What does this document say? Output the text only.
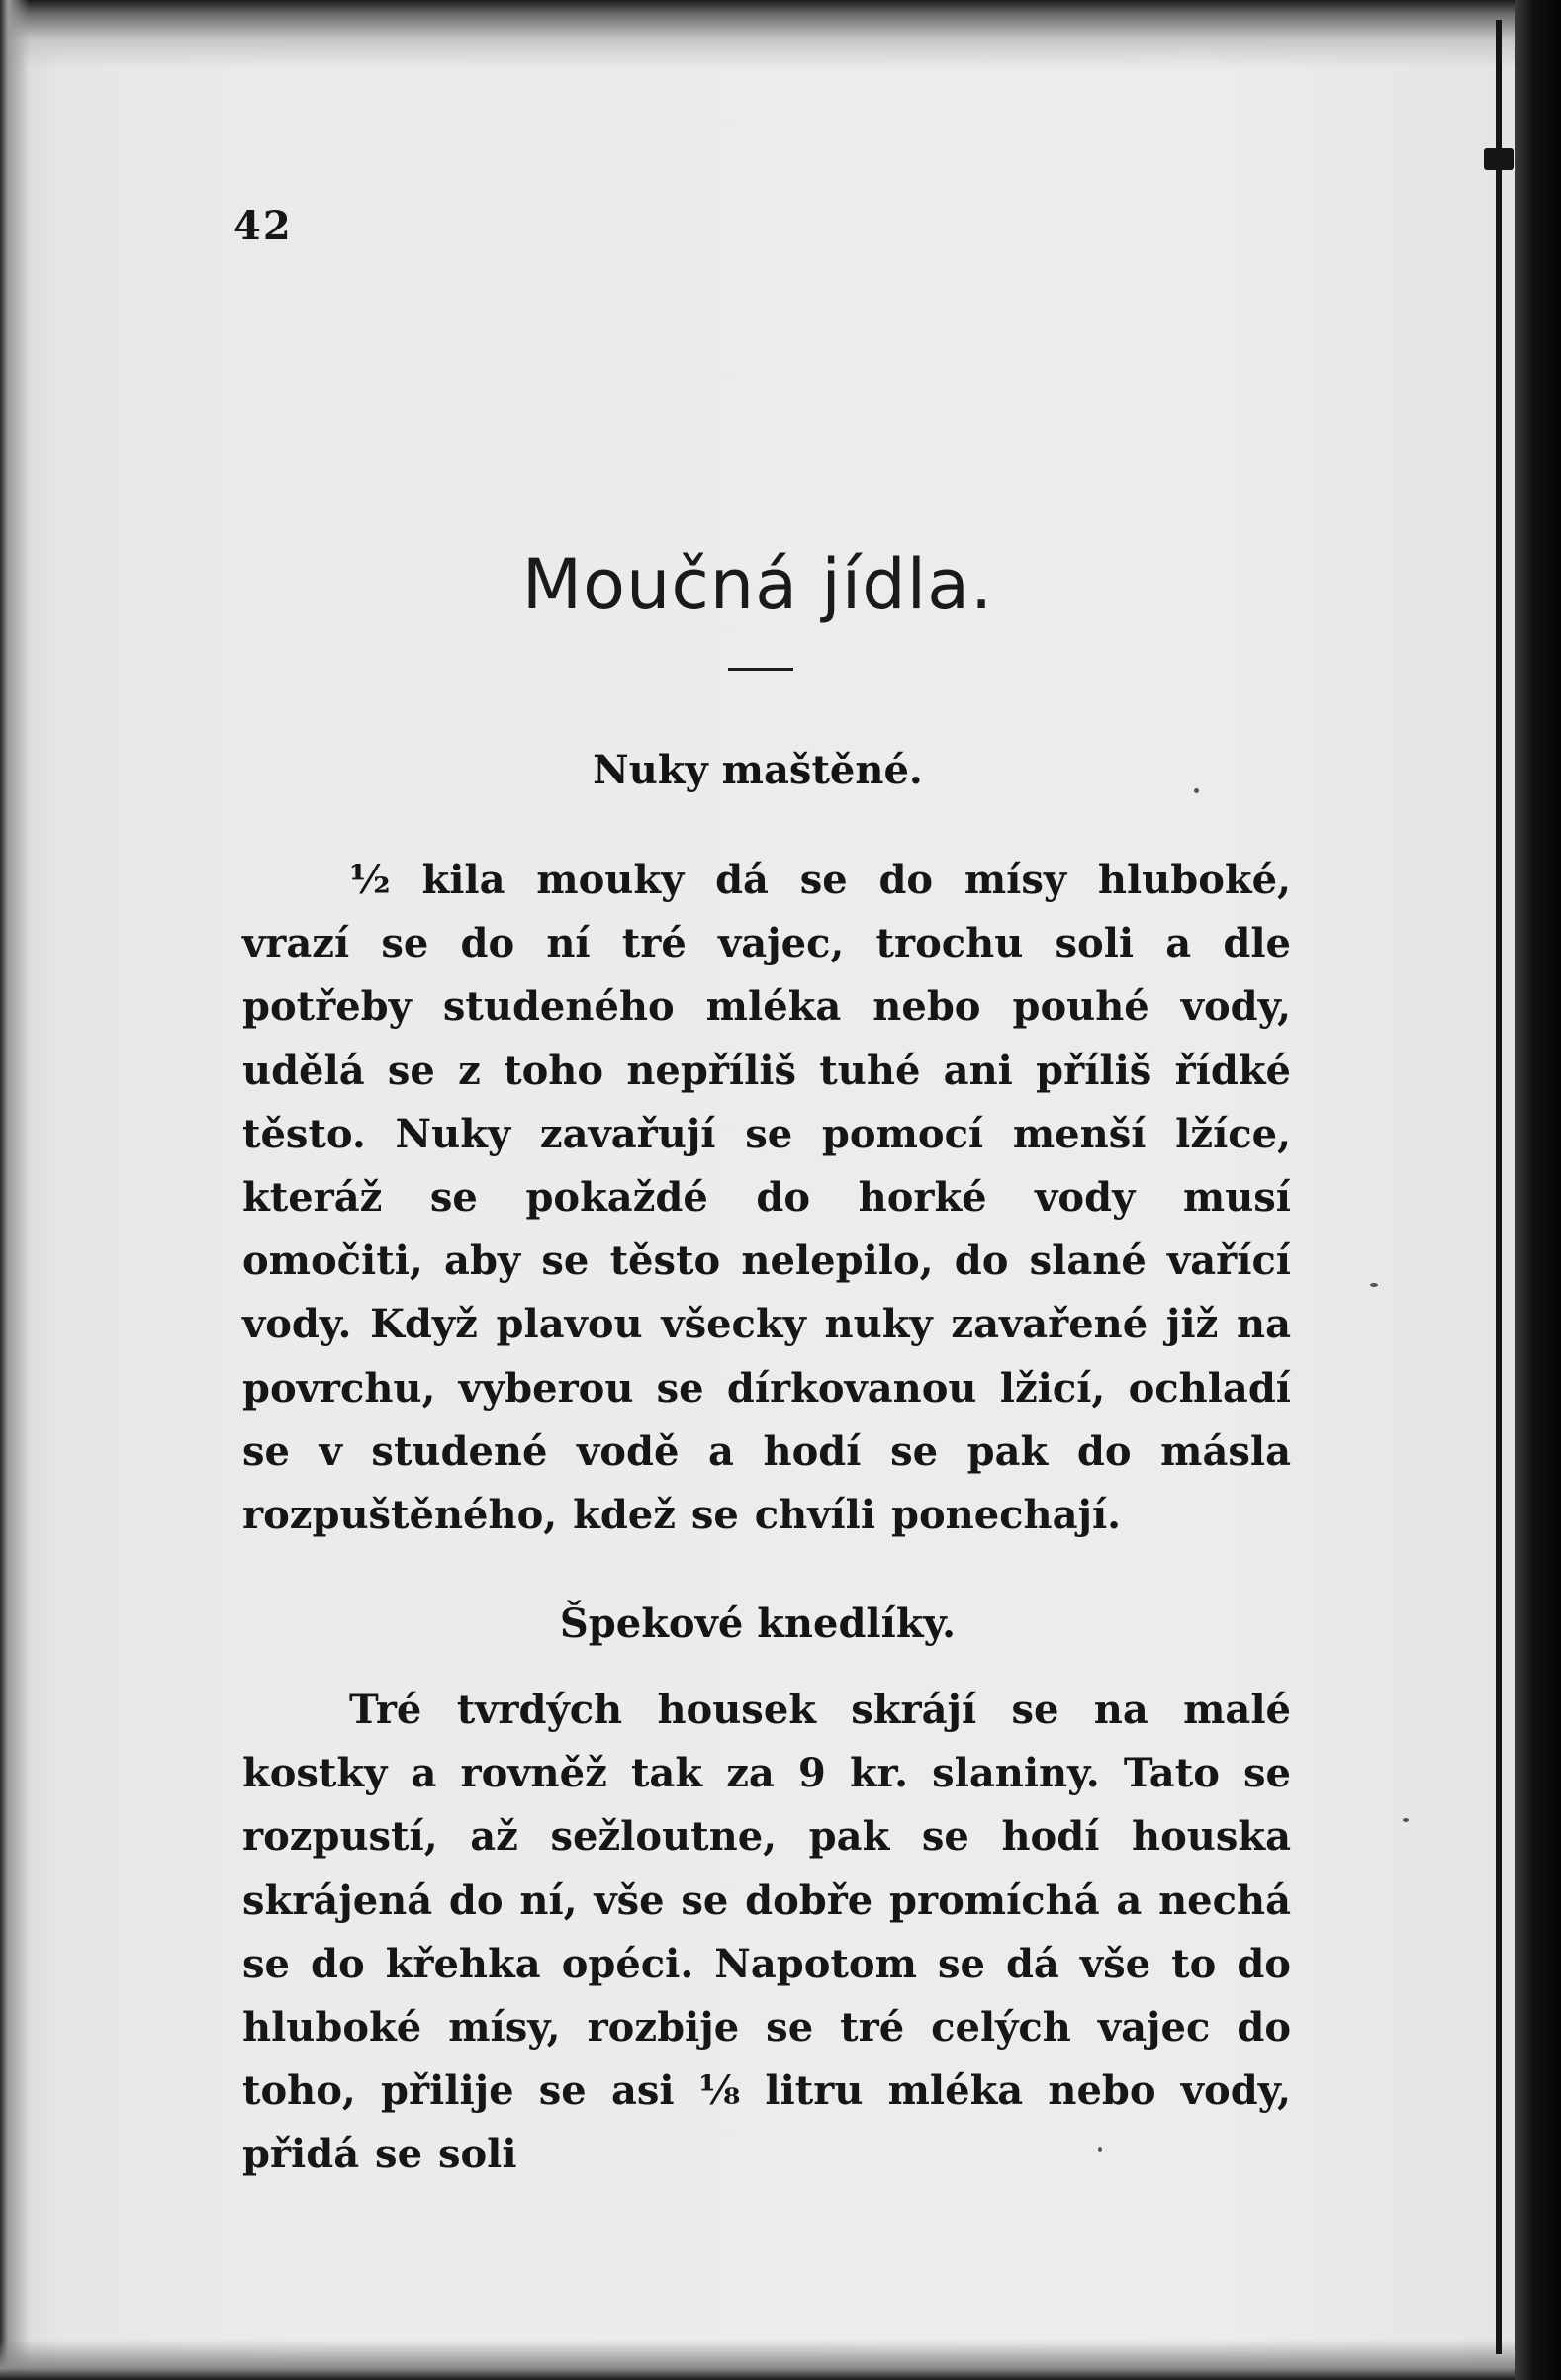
42
Moučná jídla.
Nuky maštěné.

½ kila mouky dá se do mísy hluboké, vrazí se do ní tré vajec, trochu soli a dle potřeby studeného mléka nebo pouhé vody, udělá se z toho nepříliš tuhé ani příliš řídké těsto. Nuky zavařují se pomocí menší lžíce, kteráž se pokaždé do horké vody musí omočiti, aby se těsto nelepilo, do slané vařící vody. Když plavou všecky nuky zavařené již na povrchu, vyberou se dírkovanou lžicí, ochladí se v studené vodě a hodí se pak do másla rozpuštěného, kdež se chvíli ponechají.

Špekové knedlíky.

Tré tvrdých housek skrájí se na malé kostky a rovněž tak za 9 kr. slaniny. Tato se rozpustí, až sežloutne, pak se hodí houska skrájená do ní, vše se dobře promíchá a nechá se do křehka opéci. Napotom se dá vše to do hluboké mísy, rozbije se tré celých vajec do toho, přilije se asi ⅛ litru mléka nebo vody, přidá se soli
